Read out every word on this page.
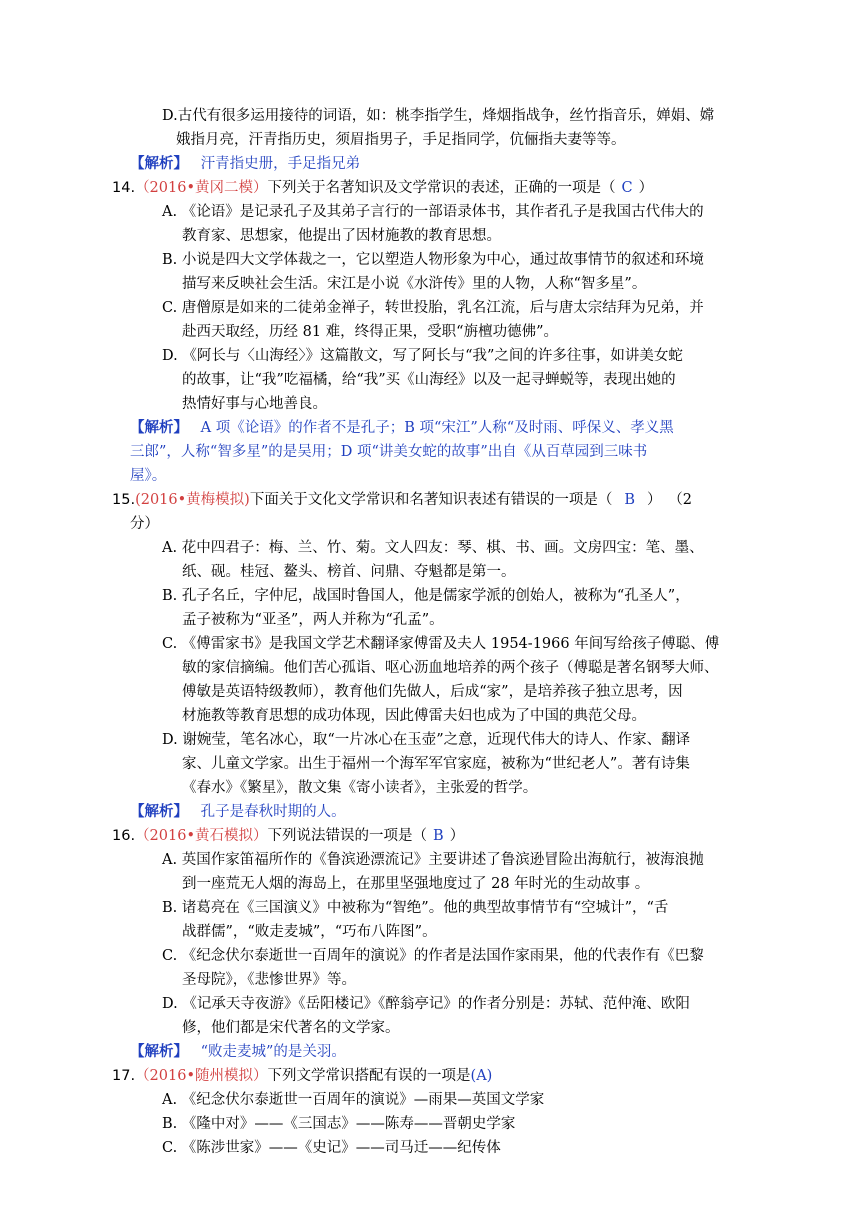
D.古代有很多运用接待的词语，如：桃李指学生，烽烟指战争，丝竹指音乐，婵娟、嫦
娥指月亮，汗青指历史，须眉指男子，手足指同学，伉俪指夫妻等等。
【解析】 汗青指史册，手足指兄弟
14.（2016•黄冈二模）下列关于名著知识及文学常识的表述，正确的一项是（ C ）
A. 《论语》是记录孔子及其弟子言行的一部语录体书，其作者孔子是我国古代伟大的
教育家、思想家，他提出了因材施教的教育思想。
B. 小说是四大文学体裁之一，它以塑造人物形象为中心，通过故事情节的叙述和环境
描写来反映社会生活。宋江是小说《水浒传》里的人物，人称“智多星”。
C. 唐僧原是如来的二徒弟金禅子，转世投胎，乳名江流，后与唐太宗结拜为兄弟，并
赴西天取经，历经 81 难，终得正果，受职“旃檀功德佛”。
D. 《阿长与〈山海经〉》这篇散文，写了阿长与“我”之间的许多往事，如讲美女蛇
的故事，让“我”吃福橘，给“我”买《山海经》以及一起寻蝉蜕等，表现出她的
热情好事与心地善良。
【解析】 A 项《论语》的作者不是孔子；B 项“宋江”人称“及时雨、呼保义、孝义黑
三郎”，人称“智多星”的是吴用；D 项“讲美女蛇的故事”出自《从百草园到三味书
屋》。
15.(2016•黄梅模拟)下面关于文化文学常识和名著知识表述有错误的一项是（ B ） （2
分）
A. 花中四君子：梅、兰、竹、菊。文人四友：琴、棋、书、画。文房四宝：笔、墨、
纸、砚。桂冠、鳌头、榜首、问鼎、夺魁都是第一。
B. 孔子名丘，字仲尼，战国时鲁国人，他是儒家学派的创始人，被称为“孔圣人”，
孟子被称为“亚圣”，两人并称为“孔孟”。
C. 《傅雷家书》是我国文学艺术翻译家傅雷及夫人 1954-1966 年间写给孩子傅聪、傅
敏的家信摘编。他们苦心孤诣、呕心沥血地培养的两个孩子（傅聪是著名钢琴大师、
傅敏是英语特级教师），教育他们先做人，后成“家”，是培养孩子独立思考，因
材施教等教育思想的成功体现，因此傅雷夫妇也成为了中国的典范父母。
D. 谢婉莹，笔名冰心，取“一片冰心在玉壶”之意，近现代伟大的诗人、作家、翻译
家、儿童文学家。出生于福州一个海军军官家庭，被称为“世纪老人”。著有诗集
《春水》《繁星》，散文集《寄小读者》，主张爱的哲学。
【解析】 孔子是春秋时期的人。
16.（2016•黄石模拟）下列说法错误的一项是（ B ）
A. 英国作家笛福所作的《鲁滨逊漂流记》主要讲述了鲁滨逊冒险出海航行，被海浪抛
到一座荒无人烟的海岛上，在那里坚强地度过了 28 年时光的生动故事 。
B. 诸葛亮在《三国演义》中被称为“智绝”。他的典型故事情节有“空城计”，“舌
战群儒”，“败走麦城”，“巧布八阵图”。
C. 《纪念伏尔泰逝世一百周年的演说》的作者是法国作家雨果，他的代表作有《巴黎
圣母院》，《悲惨世界》等。
D. 《记承天寺夜游》《岳阳楼记》《醉翁亭记》的作者分别是：苏轼、范仲淹、欧阳
修，他们都是宋代著名的文学家。
【解析】 “败走麦城”的是关羽。
17.（2016•随州模拟）下列文学常识搭配有误的一项是(A)
A. 《纪念伏尔泰逝世一百周年的演说》—雨果—英国文学家
B. 《隆中对》——《三国志》——陈寿——晋朝史学家
C. 《陈涉世家》——《史记》——司马迁——纪传体
